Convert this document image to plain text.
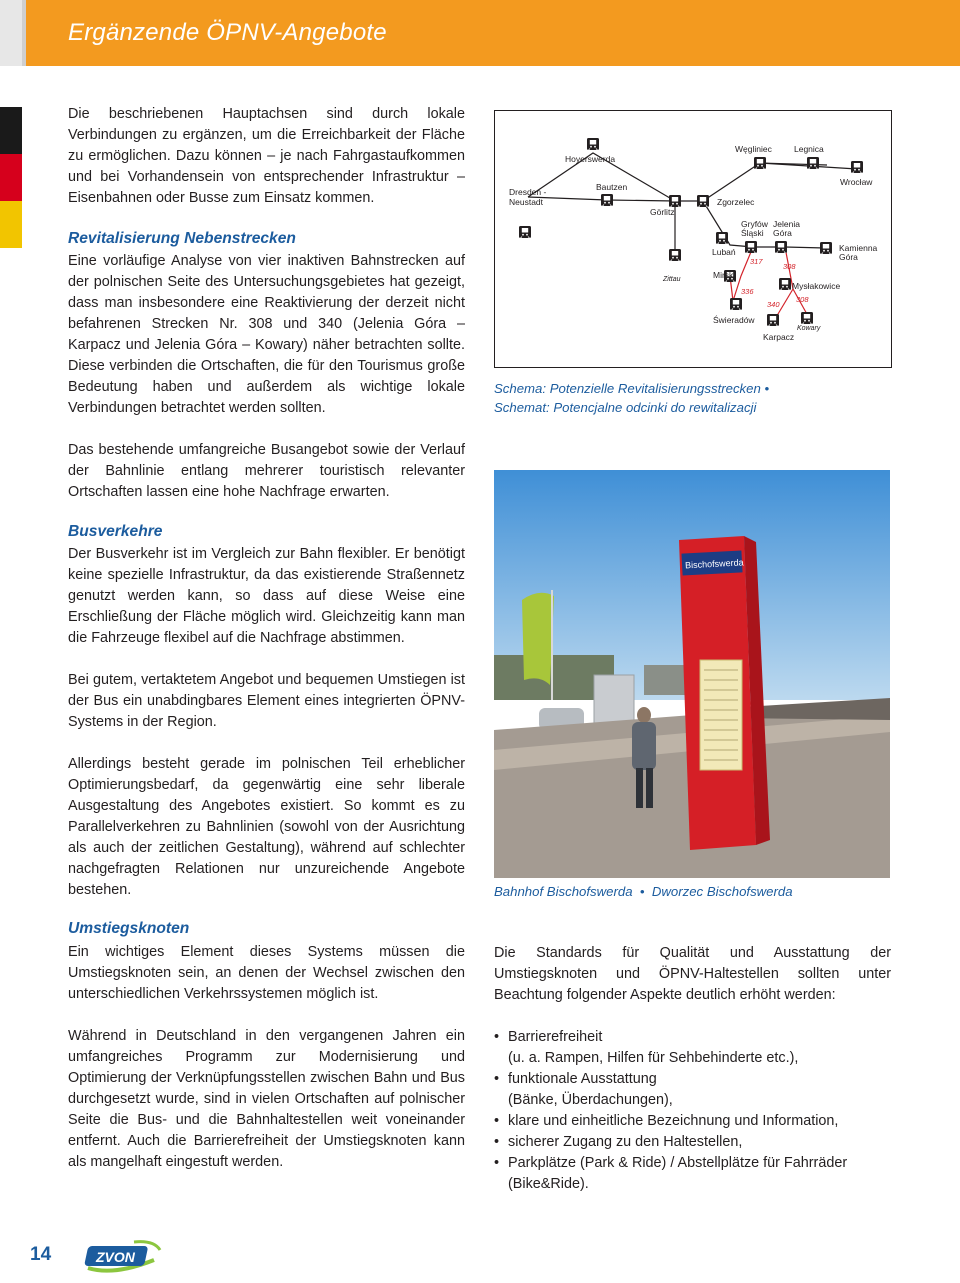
Ergänzende ÖPNV-Angebote

Die beschriebenen Hauptachsen sind durch lokale Verbindungen zu ergänzen, um die Erreichbarkeit der Fläche zu ermöglichen. Dazu können – je nach Fahrgastaufkommen und bei Vorhandensein von entsprechender Infrastruktur – Eisenbahnen oder Busse zum Einsatz kommen.

Revitalisierung Nebenstrecken

Eine vorläufige Analyse von vier inaktiven Bahnstrecken auf der polnischen Seite des Untersuchungsgebietes hat gezeigt, dass man insbesondere eine Reaktivierung der derzeit nicht befahrenen Strecken Nr. 308 und 340 (Jelenia Góra – Karpacz und Jelenia Góra – Kowary) näher betrachten sollte. Diese verbinden die Ortschaften, die für den Tourismus große Bedeutung haben und außerdem als wichtige lokale Verbindungen betrachtet werden sollten.

Das bestehende umfangreiche Busangebot sowie der Verlauf der Bahnlinie entlang mehrerer touristisch relevanter Ortschaften lassen eine hohe Nachfrage erwarten.

Busverkehre

Der Busverkehr ist im Vergleich zur Bahn flexibler. Er benötigt keine spezielle Infrastruktur, da das existierende Straßennetz genutzt werden kann, so dass auf diese Weise eine Erschließung der Fläche möglich wird. Gleichzeitig kann man die Fahrzeuge flexibel auf die Nachfrage abstimmen.

Bei gutem, vertaktetem Angebot und bequemen Umstiegen ist der Bus ein unabdingbares Element eines integrierten ÖPNV-Systems in der Region.

Allerdings besteht gerade im polnischen Teil erheblicher Optimierungsbedarf, da gegenwärtig eine sehr liberale Ausgestaltung des Angebotes existiert. So kommt es zu Parallelverkehren zu Bahnlinien (sowohl von der Ausrichtung als auch der zeitlichen Gestaltung), während auf schlechter nachgefragten Relationen nur unzureichende Angebote bestehen.

Umstiegsknoten

Ein wichtiges Element dieses Systems müssen die Umstiegsknoten sein, an denen der Wechsel zwischen den unterschiedlichen Verkehrssystemen möglich ist.

Während in Deutschland in den vergangenen Jahren ein umfangreiches Programm zur Modernisierung und Optimierung der Verknüpfungsstellen zwischen Bahn und Bus durchgesetzt wurde, sind in vielen Ortschaften auf polnischer Seite die Bus- und die Bahnhaltestellen weit voneinander entfernt. Auch die Barrierefreiheit der Umstiegsknoten kann als mangelhaft eingestuft werden.

Dresden -Neustadt
Hoyerswerda
Bautzen
Görlitz
Zittau
Zgorzelec
Węgliniec	Legnica
Wrocław
Lubań
Gryfów Śląski
Jelenia Góra
Kamienna Góra
Mirsk
Świeradów
Mysłakowice
Karpacz
Kowary
317
308
336
340
308
Schema: Potenzielle Revitalisierungsstrecken •
Schemat: Potencjalne odcinki do rewitalizacji
Bischofswerda
Bahnhof Bischofswerda  •  Dworzec Bischofswerda

Die Standards für Qualität und Ausstattung der Umstiegsknoten und ÖPNV-Haltestellen sollten unter Beachtung folgender Aspekte deutlich erhöht werden:

• Barrierefreiheit
(u. a. Rampen, Hilfen für Sehbehinderte etc.),
• funktionale Ausstattung
(Bänke, Überdachungen),
• klare und einheitliche Bezeichnung und Information,
• sicherer Zugang zu den Haltestellen,
• Parkplätze (Park & Ride) / Abstellplätze für Fahrräder
(Bike&Ride).
14	ZVON
